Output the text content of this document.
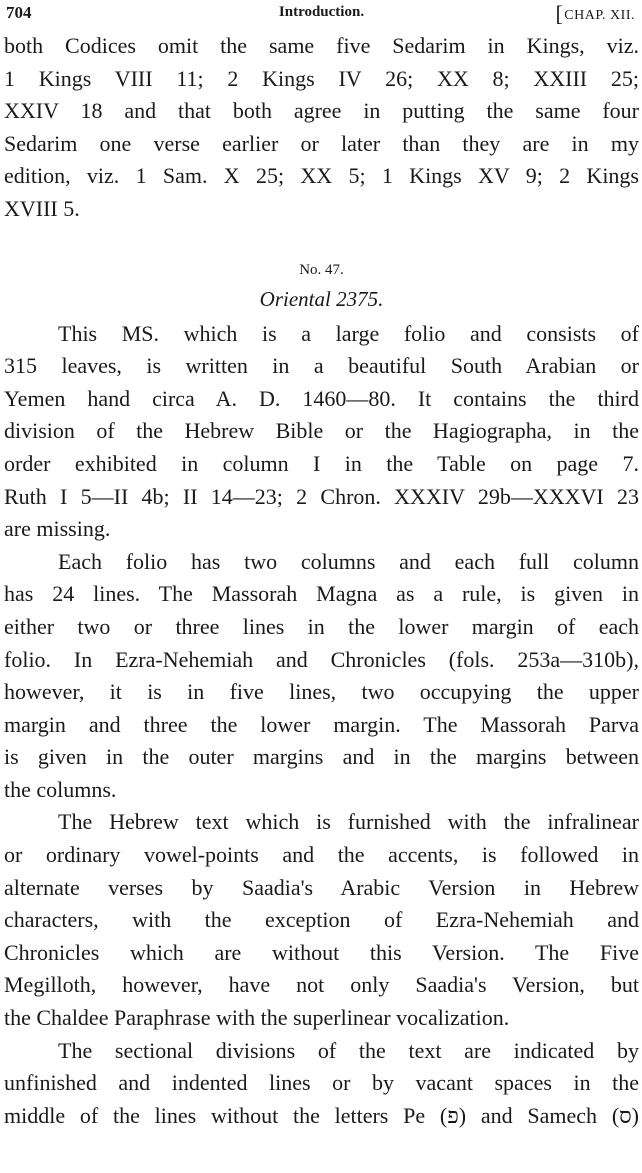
704	Introduction.	[CHAP. XII.

both Codices omit the same five Sedarim in Kings, viz.

1 Kings VIII 11; 2 Kings IV 26; XX 8; XXIII 25;

XXIV 18 and that both agree in putting the same four

Sedarim one verse earlier or later than they are in my

edition, viz. 1 Sam. X 25; XX 5; 1 Kings XV 9; 2 Kings

XVIII 5.

No. 47.

Oriental 2375.

This MS. which is a large folio and consists of

315 leaves, is written in a beautiful South Arabian or

Yemen hand circa A. D. 1460—80. It contains the third

division of the Hebrew Bible or the Hagiographa, in the

order exhibited in column I in the Table on page 7.

Ruth I 5—II 4b; II 14—23; 2 Chron. XXXIV 29b—XXXVI 23

are missing.

Each folio has two columns and each full column

has 24 lines. The Massorah Magna as a rule, is given in

either two or three lines in the lower margin of each

folio. In Ezra-Nehemiah and Chronicles (fols. 253a—310b),

however, it is in five lines, two occupying the upper

margin and three the lower margin. The Massorah Parva

is given in the outer margins and in the margins between

the columns.

The Hebrew text which is furnished with the infralinear

or ordinary vowel-points and the accents, is followed in

alternate verses by Saadia's Arabic Version in Hebrew

characters, with the exception of Ezra-Nehemiah and

Chronicles which are without this Version. The Five

Megilloth, however, have not only Saadia's Version, but

the Chaldee Paraphrase with the superlinear vocalization.

The sectional divisions of the text are indicated by

unfinished and indented lines or by vacant spaces in the

middle of the lines without the letters Pe (פ) and Samech (ס)
